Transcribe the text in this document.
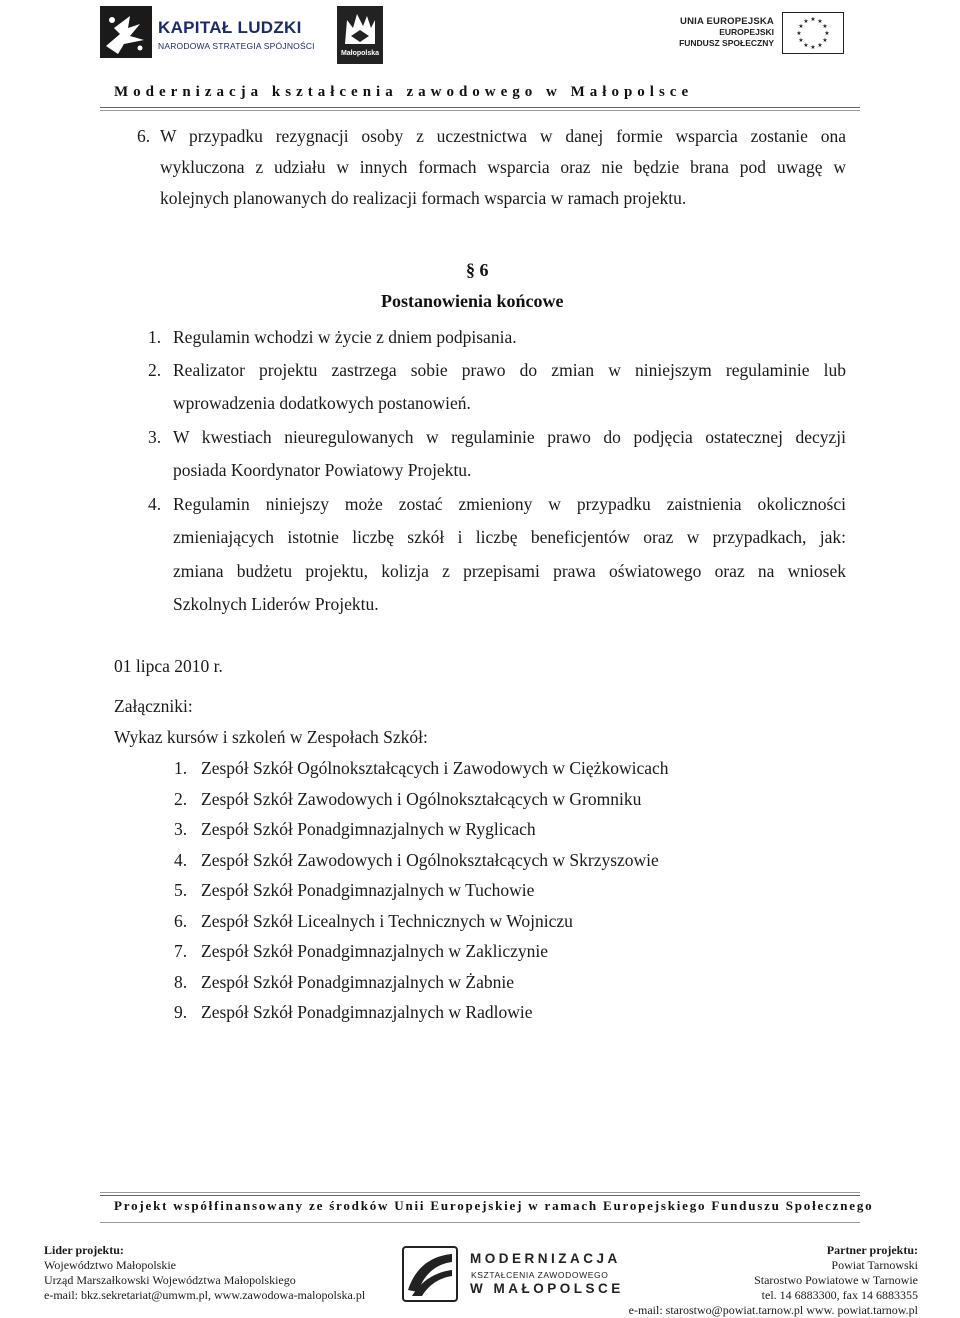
KAPITAŁ LUDZKI
NARODOWA STRATEGIA SPÓJNOŚCI
Małopolska
UNIA EUROPEJSKA
EUROPEJSKI
FUNDUSZ SPOŁECZNY
★ ★
★
★
★
★
★
★
★
★
★
★
Modernizacja kształcenia zawodowego w Małopolsce
6. W przypadku rezygnacji osoby z uczestnictwa w danej formie wsparcia zostanie ona
wykluczona z udziału w innych formach wsparcia oraz nie będzie brana pod uwagę w
kolejnych planowanych do realizacji formach wsparcia w ramach projektu.
§ 6
Postanowienia końcowe
1. Regulamin wchodzi w życie z dniem podpisania.
2. Realizator projektu zastrzega sobie prawo do zmian w niniejszym regulaminie lub
wprowadzenia dodatkowych postanowień.
3. W kwestiach nieuregulowanych w regulaminie prawo do podjęcia ostatecznej decyzji
posiada Koordynator Powiatowy Projektu.
4. Regulamin niniejszy może zostać zmieniony w przypadku zaistnienia okoliczności
zmieniających istotnie liczbę szkół i liczbę beneficjentów oraz w przypadkach, jak:
zmiana budżetu projektu, kolizja z przepisami prawa oświatowego oraz na wniosek
Szkolnych Liderów Projektu.
01 lipca 2010 r.
Załączniki:
Wykaz kursów i szkoleń w Zespołach Szkół:
1. Zespół Szkół Ogólnokształcących i Zawodowych w Ciężkowicach
2. Zespół Szkół Zawodowych i Ogólnokształcących w Gromniku
3. Zespół Szkół Ponadgimnazjalnych w Ryglicach
4. Zespół Szkół Zawodowych i Ogólnokształcących w Skrzyszowie
5. Zespół Szkół Ponadgimnazjalnych w Tuchowie
6. Zespół Szkół Licealnych i Technicznych w Wojniczu
7. Zespół Szkół Ponadgimnazjalnych w Zakliczynie
8. Zespół Szkół Ponadgimnazjalnych w Żabnie
9. Zespół Szkół Ponadgimnazjalnych w Radlowie
Projekt współfinansowany ze środków Unii Europejskiej w ramach Europejskiego Funduszu Społecznego
Lider projektu:
Województwo Małopolskie
Urząd Marszałkowski Województwa Małopolskiego
e-mail: bkz.sekretariat@umwm.pl, www.zawodowa-malopolska.pl
MODERNIZACJA
KSZTAŁCENIA ZAWODOWEGO
W MAŁOPOLSCE
Partner projektu:
Powiat Tarnowski
Starostwo Powiatowe w Tarnowie
tel. 14 6883300, fax 14 6883355
e-mail: starostwo@powiat.tarnow.pl www. powiat.tarnow.pl
